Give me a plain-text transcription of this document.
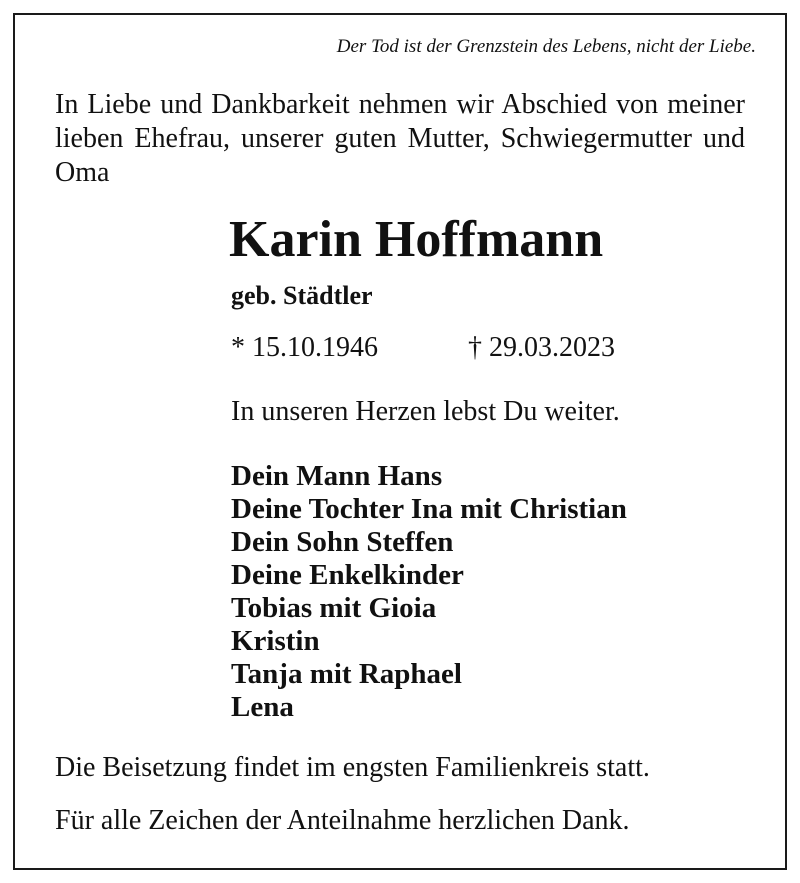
Der Tod ist der Grenzstein des Lebens, nicht der Liebe.
In Liebe und Dankbarkeit nehmen wir Abschied von meiner lieben Ehefrau, unserer guten Mutter, Schwiegermutter und Oma
Karin Hoffmann
geb. Städtler
* 15.10.1946	† 29.03.2023
In unseren Herzen lebst Du weiter.
Dein Mann Hans
Deine Tochter Ina mit Christian
Dein Sohn Steffen
Deine Enkelkinder
Tobias mit Gioia
Kristin
Tanja mit Raphael
Lena
Die Beisetzung findet im engsten Familienkreis statt.
Für alle Zeichen der Anteilnahme herzlichen Dank.
